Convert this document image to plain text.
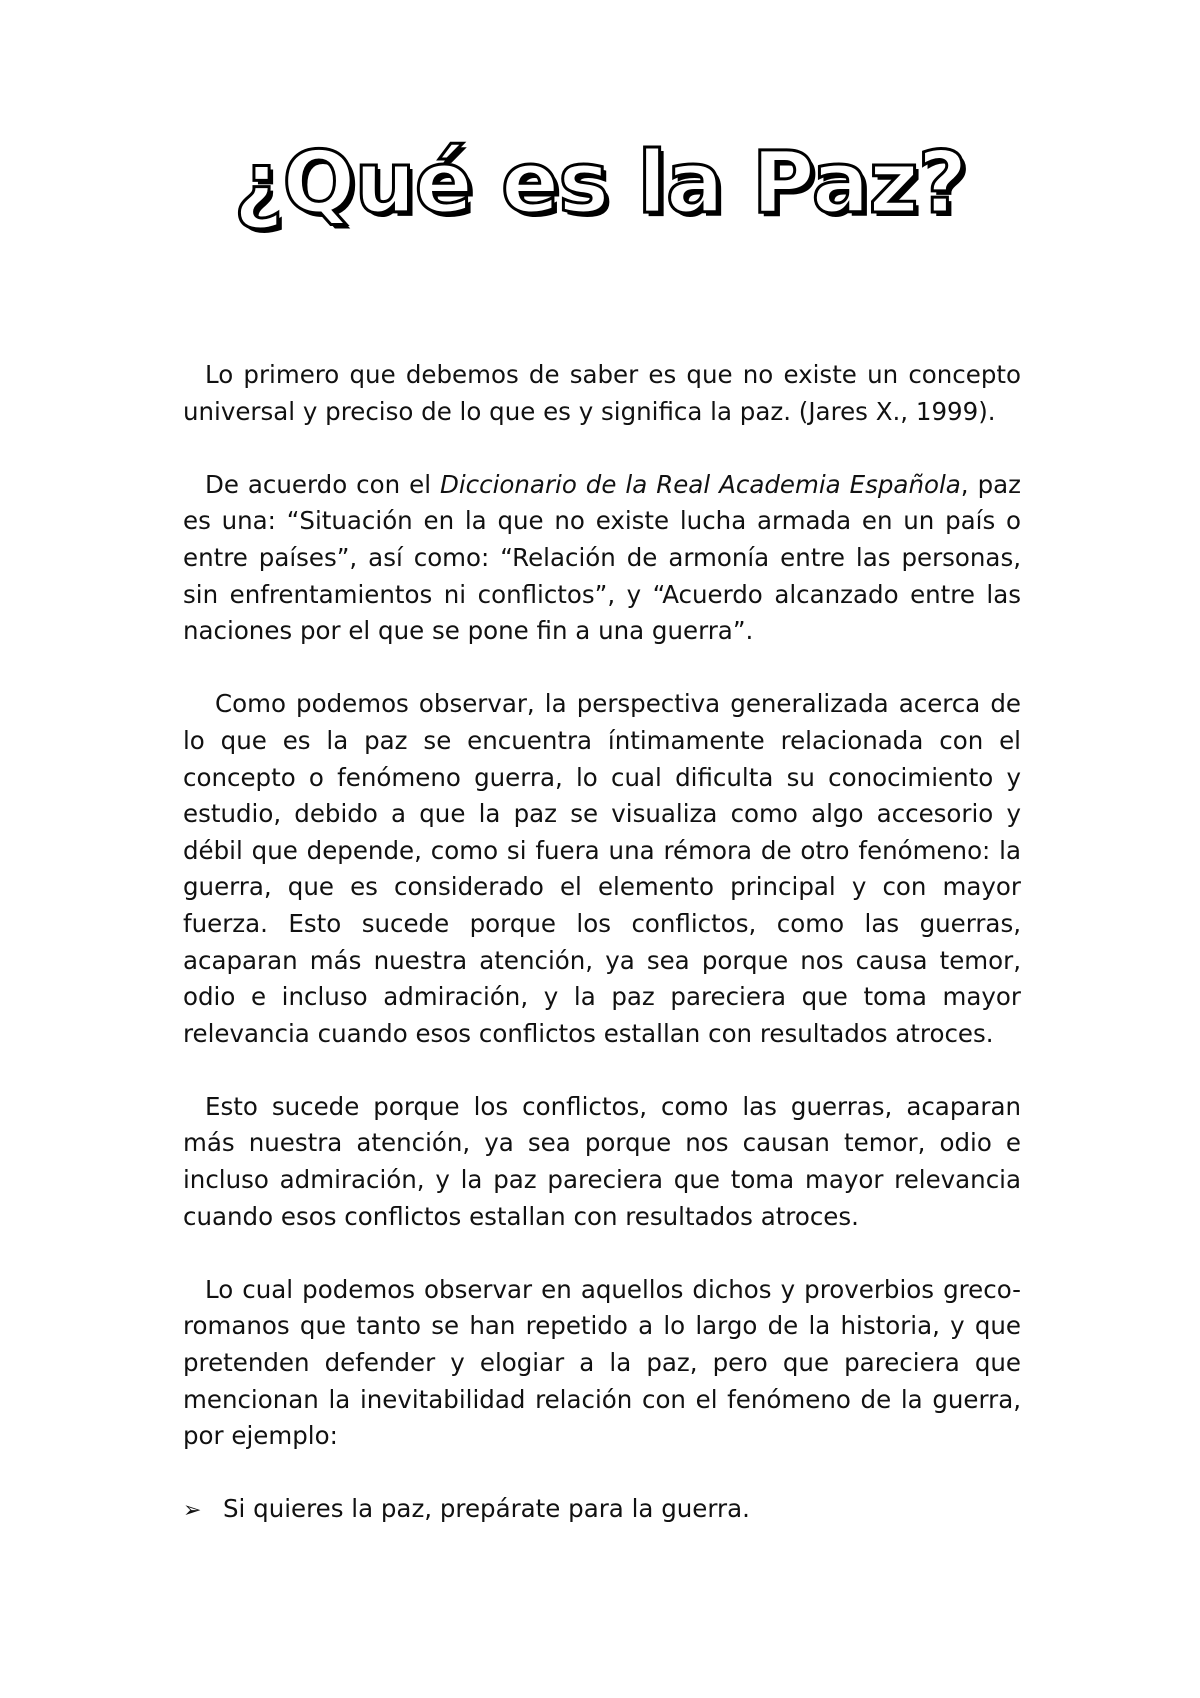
¿Qué es la Paz?

Lo primero que debemos de saber es que no existe un concepto universal y preciso de lo que es y significa la paz. (Jares X., 1999).

De acuerdo con el Diccionario de la Real Academia Española, paz es una: “Situación en la que no existe lucha armada en un país o entre países”, así como: “Relación de armonía entre las personas, sin enfrentamientos ni conflictos”, y “Acuerdo alcanzado entre las naciones por el que se pone fin a una guerra”.

Como podemos observar, la perspectiva generalizada acerca de lo que es la paz se encuentra íntimamente relacionada con el concepto o fenómeno guerra, lo cual dificulta su conocimiento y estudio, debido a que la paz se visualiza como algo accesorio y débil que depende, como si fuera una rémora de otro fenómeno: la guerra, que es considerado el elemento principal y con mayor fuerza. Esto sucede porque los conflictos, como las guerras, acaparan más nuestra atención, ya sea porque nos causa temor, odio e incluso admiración, y la paz pareciera que toma mayor relevancia cuando esos conflictos estallan con resultados atroces.

Esto sucede porque los conflictos, como las guerras, acaparan más nuestra atención, ya sea porque nos causan temor, odio e incluso admiración, y la paz pareciera que toma mayor relevancia cuando esos conflictos estallan con resultados atroces.

Lo cual podemos observar en aquellos dichos y proverbios greco-romanos que tanto se han repetido a lo largo de la historia, y que pretenden defender y elogiar a la paz, pero que pareciera que mencionan la inevitabilidad relación con el fenómeno de la guerra, por ejemplo:

➢ Si quieres la paz, prepárate para la guerra.
